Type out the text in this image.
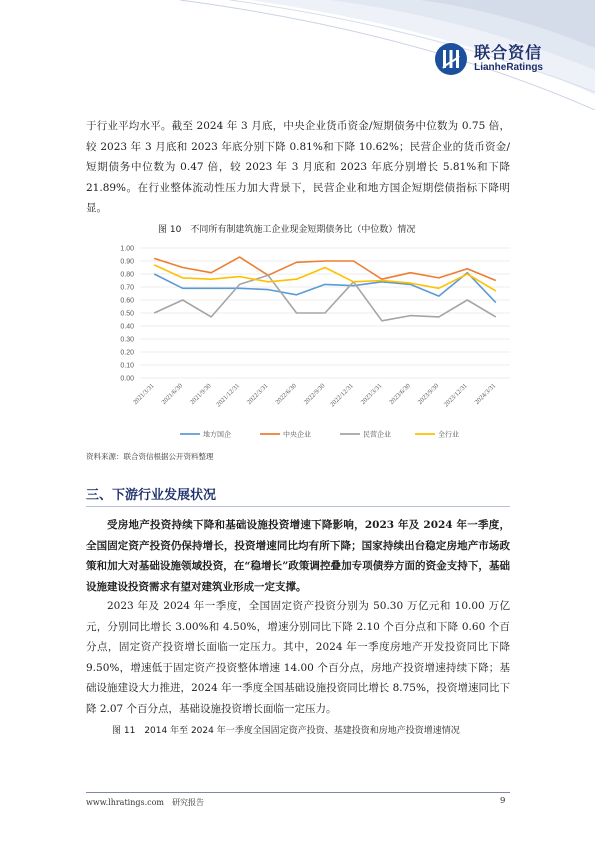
联合资信
LianheRatings

于行业平均水平。截至 2024 年 3 月底，中央企业货币资金/短期债务中位数为 0.75 倍，较 2023 年 3 月底和 2023 年底分别下降 0.81%和下降 10.62%；民营企业的货币资金/短期债务中位数为 0.47 倍，较 2023 年 3 月底和 2023 年底分别增长 5.81%和下降 21.89%。在行业整体流动性压力加大背景下，民营企业和地方国企短期偿债指标下降明显。

图 10　不同所有制建筑施工企业现金短期债务比（中位数）情况
0.00
0.10
0.20
0.30
0.40
0.50
0.60
0.70
0.80
0.90
1.00
2021/3/31 2021/6/30 2021/9/30 2021/12/31 2022/3/31 2022/6/30 2022/9/30 2022/12/31 2023/3/31 2023/6/30 2023/9/30 2023/12/31 2024/3/31
地方国企	中央企业	民营企业	全行业
资料来源：联合资信根据公开资料整理
三、下游行业发展状况

受房地产投资持续下降和基础设施投资增速下降影响，2023 年及 2024 年一季度，全国固定资产投资仍保持增长，投资增速同比均有所下降；国家持续出台稳定房地产市场政策和加大对基础设施领域投资，在“稳增长”政策调控叠加专项债券方面的资金支持下，基础设施建设投资需求有望对建筑业形成一定支撑。

2023 年及 2024 年一季度，全国固定资产投资分别为 50.30 万亿元和 10.00 万亿元，分别同比增长 3.00%和 4.50%，增速分别同比下降 2.10 个百分点和下降 0.60 个百分点，固定资产投资增长面临一定压力。其中，2024 年一季度房地产开发投资同比下降 9.50%，增速低于固定资产投资整体增速 14.00 个百分点，房地产投资增速持续下降；基础设施建设大力推进，2024 年一季度全国基础设施投资同比增长 8.75%，投资增速同比下降 2.07 个百分点，基础设施投资增长面临一定压力。

图 11　2014 年至 2024 年一季度全国固定资产投资、基建投资和房地产投资增速情况
www.lhratings.com　研究报告	9
